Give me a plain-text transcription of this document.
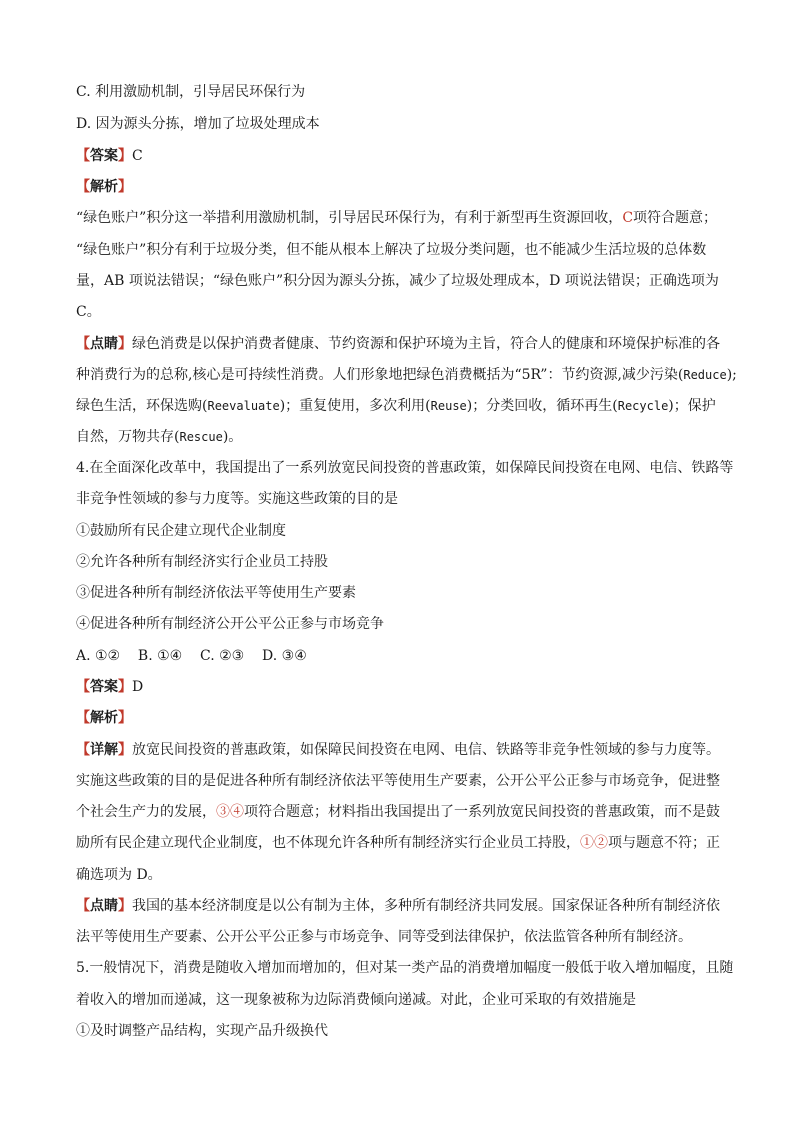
C. 利用激励机制，引导居民环保行为
D. 因为源头分拣，增加了垃圾处理成本
【答案】C
【解析】
“绿色账户”积分这一举措利用激励机制，引导居民环保行为，有利于新型再生资源回收，C项符合题意；
“绿色账户”积分有利于垃圾分类，但不能从根本上解决了垃圾分类问题，也不能减少生活垃圾的总体数
量，AB 项说法错误；“绿色账户”积分因为源头分拣，减少了垃圾处理成本，D 项说法错误；正确选项为
C。
【点睛】绿色消费是以保护消费者健康、节约资源和保护环境为主旨，符合人的健康和环境保护标准的各
种消费行为的总称,核心是可持续性消费。人们形象地把绿色消费概括为“5R”：节约资源,减少污染(Reduce);
绿色生活，环保选购(Reevaluate)；重复使用，多次利用(Reuse)；分类回收，循环再生(Recycle)；保护
自然，万物共存(Rescue)。
4.在全面深化改革中，我国提出了一系列放宽民间投资的普惠政策，如保障民间投资在电网、电信、铁路等
非竞争性领域的参与力度等。实施这些政策的目的是
①鼓励所有民企建立现代企业制度
②允许各种所有制经济实行企业员工持股
③促进各种所有制经济依法平等使用生产要素
④促进各种所有制经济公开公平公正参与市场竞争
A. ①②    B. ①④    C. ②③    D. ③④
【答案】D
【解析】
【详解】放宽民间投资的普惠政策，如保障民间投资在电网、电信、铁路等非竞争性领域的参与力度等。
实施这些政策的目的是促进各种所有制经济依法平等使用生产要素，公开公平公正参与市场竞争，促进整
个社会生产力的发展，③④项符合题意；材料指出我国提出了一系列放宽民间投资的普惠政策，而不是鼓
励所有民企建立现代企业制度，也不体现允许各种所有制经济实行企业员工持股，①②项与题意不符；正
确选项为 D。
【点睛】我国的基本经济制度是以公有制为主体，多种所有制经济共同发展。国家保证各种所有制经济依
法平等使用生产要素、公开公平公正参与市场竞争、同等受到法律保护，依法监管各种所有制经济。
5.一般情况下，消费是随收入增加而增加的，但对某一类产品的消费增加幅度一般低于收入增加幅度，且随
着收入的增加而递减，这一现象被称为边际消费倾向递减。对此，企业可采取的有效措施是
①及时调整产品结构，实现产品升级换代
